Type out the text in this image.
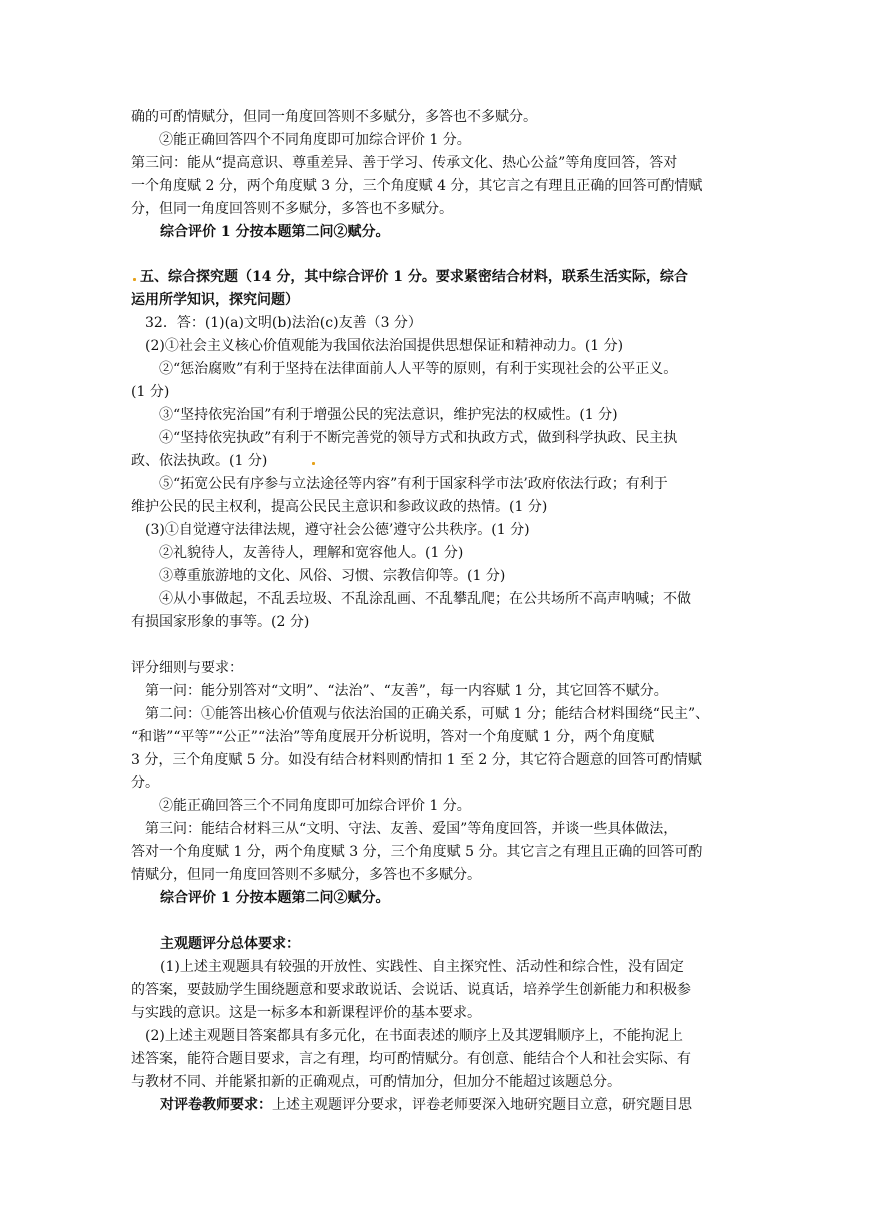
确的可酌情赋分，但同一角度回答则不多赋分，多答也不多赋分。
　　②能正确回答四个不同角度即可加综合评价 1 分。
第三问：能从“提高意识、尊重差异、善于学习、传承文化、热心公益”等角度回答，答对
一个角度赋 2 分，两个角度赋 3 分，三个角度赋 4 分，其它言之有理且正确的回答可酌情赋
分，但同一角度回答则不多赋分，多答也不多赋分。
综合评价 1 分按本题第二问②赋分。
五、综合探究题（14 分，其中综合评价 1 分。要求紧密结合材料，联系生活实际，综合
运用所学知识，探究问题）
32．答：(1)(a)文明(b)法治(c)友善（3 分）
(2)①社会主义核心价值观能为我国依法治国提供思想保证和精神动力。(1 分)
　②“惩治腐败”有利于坚持在法律面前人人平等的原则，有利于实现社会的公平正义。
(1 分)
　③“坚持依宪治国”有利于增强公民的宪法意识，维护宪法的权威性。(1 分)
　④“坚持依宪执政”有利于不断完善党的领导方式和执政方式，做到科学执政、民主执
政、依法执政。(1 分)
　⑤“拓宽公民有序参与立法途径等内容”有利于国家科学市法’政府依法行政；有利于
维护公民的民主权利，提高公民民主意识和参政议政的热情。(1 分)
(3)①自觉遵守法律法规，遵守社会公德’遵守公共秩序。(1 分)
　②礼貌待人，友善待人，理解和宽容他人。(1 分)
　③尊重旅游地的文化、风俗、习惯、宗教信仰等。(1 分)
　④从小事做起，不乱丢垃圾、不乱涂乱画、不乱攀乱爬；在公共场所不高声呐喊；不做
有损国家形象的事等。(2 分)
评分细则与要求：
第一问：能分别答对“文明”、“法治”、“友善”，每一内容赋 1 分，其它回答不赋分。
第二问：①能答出核心价值观与依法治国的正确关系，可赋 1 分；能结合材料围绕“民主”、
“和谐”“平等”“公正”“法治”等角度展开分析说明，答对一个角度赋 1 分，两个角度赋
3 分，三个角度赋 5 分。如没有结合材料则酌情扣 1 至 2 分，其它符合题意的回答可酌情赋
分。
　②能正确回答三个不同角度即可加综合评价 1 分。
第三问：能结合材料三从“文明、守法、友善、爱国”等角度回答，并谈一些具体做法，
答对一个角度赋 1 分，两个角度赋 3 分，三个角度赋 5 分。其它言之有理且正确的回答可酌
情赋分，但同一角度回答则不多赋分，多答也不多赋分。
综合评价 1 分按本题第二问②赋分。
主观题评分总体要求：
(1)上述主观题具有较强的开放性、实践性、自主探究性、活动性和综合性，没有固定
的答案，要鼓励学生围绕题意和要求敢说话、会说话、说真话，培养学生创新能力和积极参
与实践的意识。这是一标多本和新课程评价的基本要求。
(2)上述主观题目答案都具有多元化，在书面表述的顺序上及其逻辑顺序上，不能拘泥上
述答案，能符合题目要求，言之有理，均可酌情赋分。有创意、能结合个人和社会实际、有
与教材不同、并能紧扣新的正确观点，可酌情加分，但加分不能超过该题总分。
对评卷教师要求：上述主观题评分要求，评卷老师要深入地研究题目立意，研究题目思
